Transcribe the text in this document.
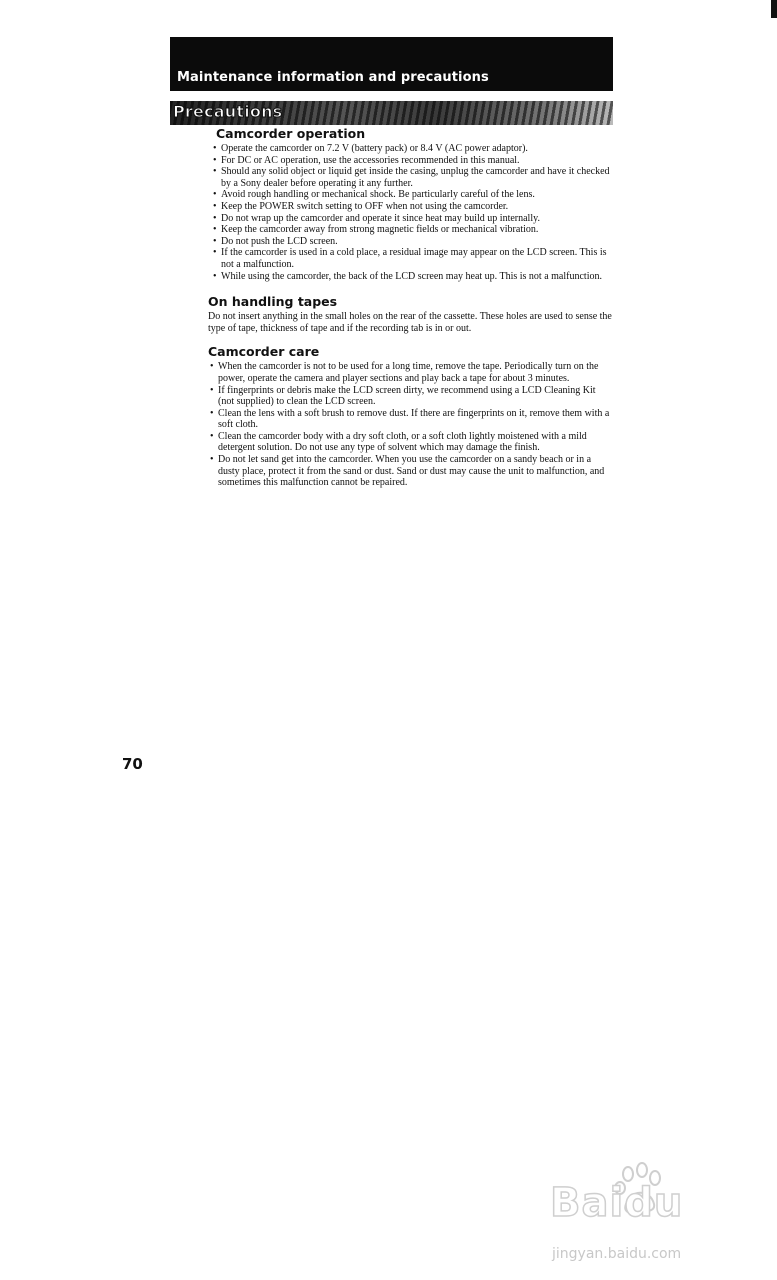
Maintenance information and precautions
Precautions
Camcorder operation
• Operate the camcorder on 7.2 V (battery pack) or 8.4 V (AC power adaptor).
• For DC or AC operation, use the accessories recommended in this manual.
• Should any solid object or liquid get inside the casing, unplug the camcorder and have it checked by a Sony dealer before operating it any further.
• Avoid rough handling or mechanical shock. Be particularly careful of the lens.
• Keep the POWER switch setting to OFF when not using the camcorder.
• Do not wrap up the camcorder and operate it since heat may build up internally.
• Keep the camcorder away from strong magnetic fields or mechanical vibration.
• Do not push the LCD screen.
• If the camcorder is used in a cold place, a residual image may appear on the LCD screen. This is not a malfunction.
• While using the camcorder, the back of the LCD screen may heat up. This is not a malfunction.
On handling tapes

Do not insert anything in the small holes on the rear of the cassette. These holes are used to sense the type of tape, thickness of tape and if the recording tab is in or out.

Camcorder care
• When the camcorder is not to be used for a long time, remove the tape. Periodically turn on the power, operate the camera and player sections and play back a tape for about 3 minutes.
• If fingerprints or debris make the LCD screen dirty, we recommend using a LCD Cleaning Kit (not supplied) to clean the LCD screen.
• Clean the lens with a soft brush to remove dust. If there are fingerprints on it, remove them with a soft cloth.
• Clean the camcorder body with a dry soft cloth, or a soft cloth lightly moistened with a mild detergent solution. Do not use any type of solvent which may damage the finish.
• Do not let sand get into the camcorder. When you use the camcorder on a sandy beach or in a dusty place, protect it from the sand or dust. Sand or dust may cause the unit to malfunction, and sometimes this malfunction cannot be repaired.
70
Baidu
jingyan.baidu.com
